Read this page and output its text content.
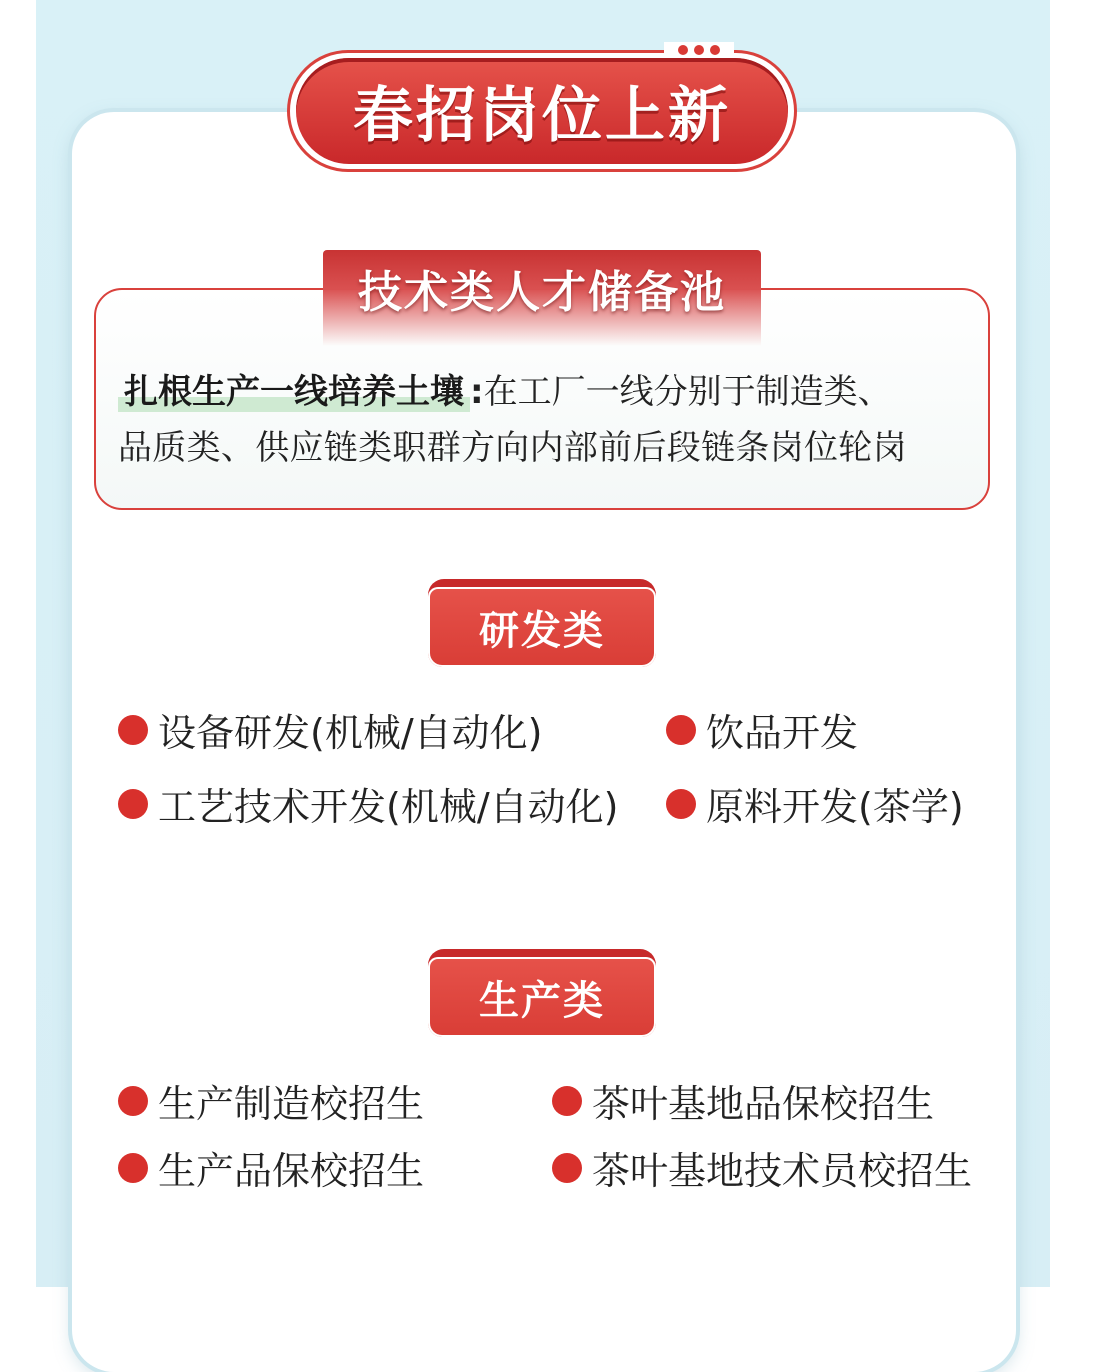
春招岗位上新
技术类人才储备池
扎根生产一线培养土壤 :在工厂一线分别于制造类、
品质类、供应链类职群方向内部前后段链条岗位轮岗
研发类
设备研发(机械/自动化)	饮品开发
工艺技术开发(机械/自动化) 原料开发(茶学)
生产类
生产制造校招生	茶叶基地品保校招生
生产品保校招生	茶叶基地技术员校招生
